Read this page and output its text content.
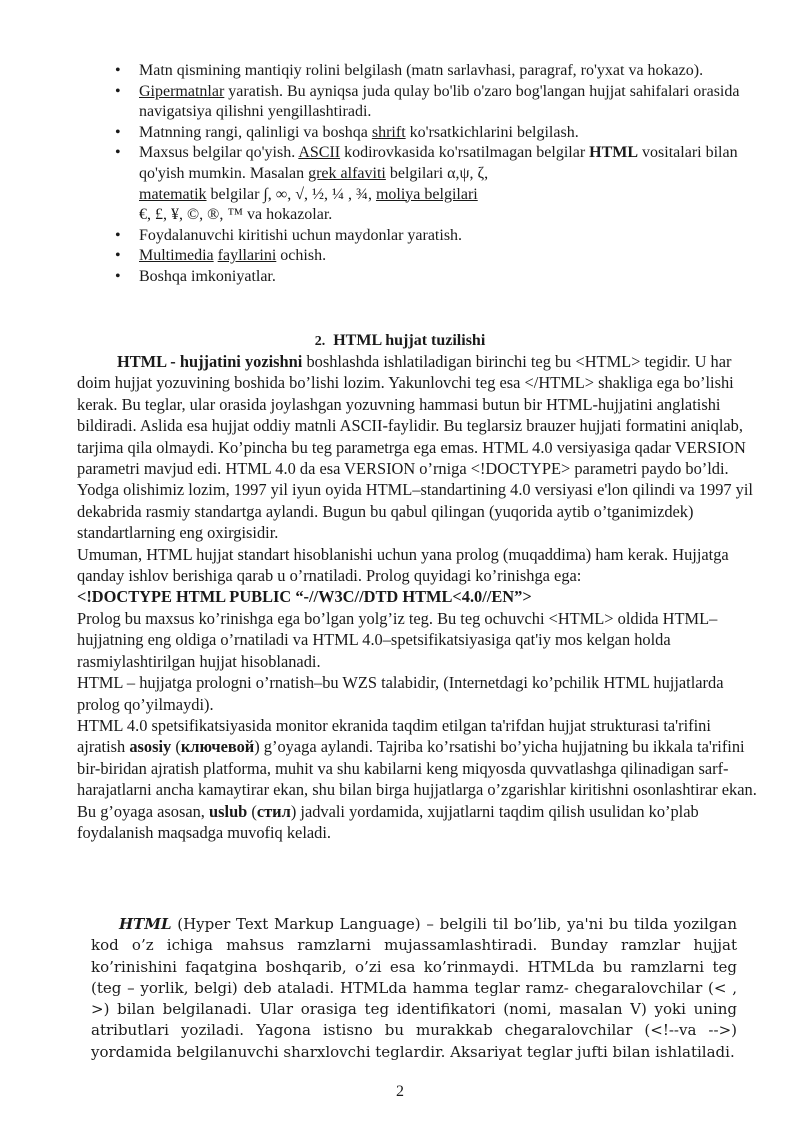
• Matn qismining mantiqiy rolini belgilash (matn sarlavhasi, paragraf, ro'yxat va hokazo).
• Gipermatnlar yaratish. Bu ayniqsa juda qulay bo'lib o'zaro bog'langan hujjat sahifalari orasida navigatsiya qilishni yengillashtiradi.
• Matnning rangi, qalinligi va boshqa shrift ko'rsatkichlarini belgilash.
• Maxsus belgilar qo'yish. ASCII kodirovkasida ko'rsatilmagan belgilar HTML vositalari bilan qo'yish mumkin. Masalan grek alfaviti belgilari α,ψ, ζ,
matematik belgilar ∫, ∞, √, ½, ¼ , ¾, moliya belgilari
€, £, ¥, ©, ®, ™ va hokazolar.
• Foydalanuvchi kiritishi uchun maydonlar yaratish.
• Multimedia fayllarini ochish.
• Boshqa imkoniyatlar.
2. HTML hujjat tuzilishi

HTML - hujjatini yozishni boshlashda ishlatiladigan birinchi teg bu <HTML> tegidir. U har doim hujjat yozuvining boshida bo’lishi lozim. Yakunlovchi teg esa </HTML> shakliga ega bo’lishi kerak. Bu teglar, ular orasida joylashgan yozuvning hammasi butun bir HTML-hujjatini anglatishi bildiradi. Aslida esa hujjat oddiy matnli ASCII-faylidir. Bu teglarsiz brauzer hujjati formatini aniqlab, tarjima qila olmaydi. Ko’pincha bu teg parametrga ega emas. HTML 4.0 versiyasiga qadar VERSION parametri mavjud edi. HTML 4.0 da esa VERSION o’rniga <!DOCTYPE> parametri paydo bo’ldi. Yodga olishimiz lozim, 1997 yil iyun oyida HTML–standartining 4.0 versiyasi e'lon qilindi va 1997 yil dekabrida rasmiy standartga aylandi. Bugun bu qabul qilingan (yuqorida aytib o’tganimizdek) standartlarning eng oxirgisidir.

Umuman, HTML hujjat standart hisoblanishi uchun yana prolog (muqaddima) ham kerak. Hujjatga qanday ishlov berishiga qarab u o’rnatiladi. Prolog quyidagi ko’rinishga ega:

<!DOCTYPE HTML PUBLIC “-//W3C//DTD HTML<4.0//EN”>

Prolog bu maxsus ko’rinishga ega bo’lgan yolg’iz teg. Bu teg ochuvchi <HTML> oldida HTML–hujjatning eng oldiga o’rnatiladi va HTML 4.0–spetsifikatsiyasiga qat'iy mos kelgan holda rasmiylashtirilgan hujjat hisoblanadi.

HTML – hujjatga prologni o’rnatish–bu WZS talabidir, (Internetdagi ko’pchilik HTML hujjatlarda prolog qo’yilmaydi).

HTML 4.0 spetsifikatsiyasida monitor ekranida taqdim etilgan ta'rifdan hujjat strukturasi ta'rifini ajratish asosiy (ключевой) g’oyaga aylandi. Tajriba ko’rsatishi bo’yicha hujjatning bu ikkala ta'rifini bir-biridan ajratish platforma, muhit va shu kabilarni keng miqyosda quvvatlashga qilinadigan sarf-harajatlarni ancha kamaytirar ekan, shu bilan birga hujjatlarga o’zgarishlar kiritishni osonlashtirar ekan. Bu g’oyaga asosan, uslub (стил) jadvali yordamida, xujjatlarni taqdim qilish usulidan ko’plab foydalanish maqsadga muvofiq keladi.

HTML (Hyper Text Markup Language) – belgili til bo’lib, ya'ni bu tilda yozilgan kod o’z ichiga mahsus ramzlarni mujassamlashtiradi. Bunday ramzlar hujjat ko’rinishini faqatgina boshqarib, o’zi esa ko’rinmaydi. HTMLda bu ramzlarni teg (teg – yorlik, belgi) deb ataladi. HTMLda hamma teglar ramz- chegaralovchilar (< , >) bilan belgilanadi. Ular orasiga teg identifikatori (nomi, masalan V) yoki uning atributlari yoziladi. Yagona istisno bu murakkab chegaralovchilar (<!--va -->) yordamida belgilanuvchi sharxlovchi teglardir. Aksariyat teglar jufti bilan ishlatiladi.

2
